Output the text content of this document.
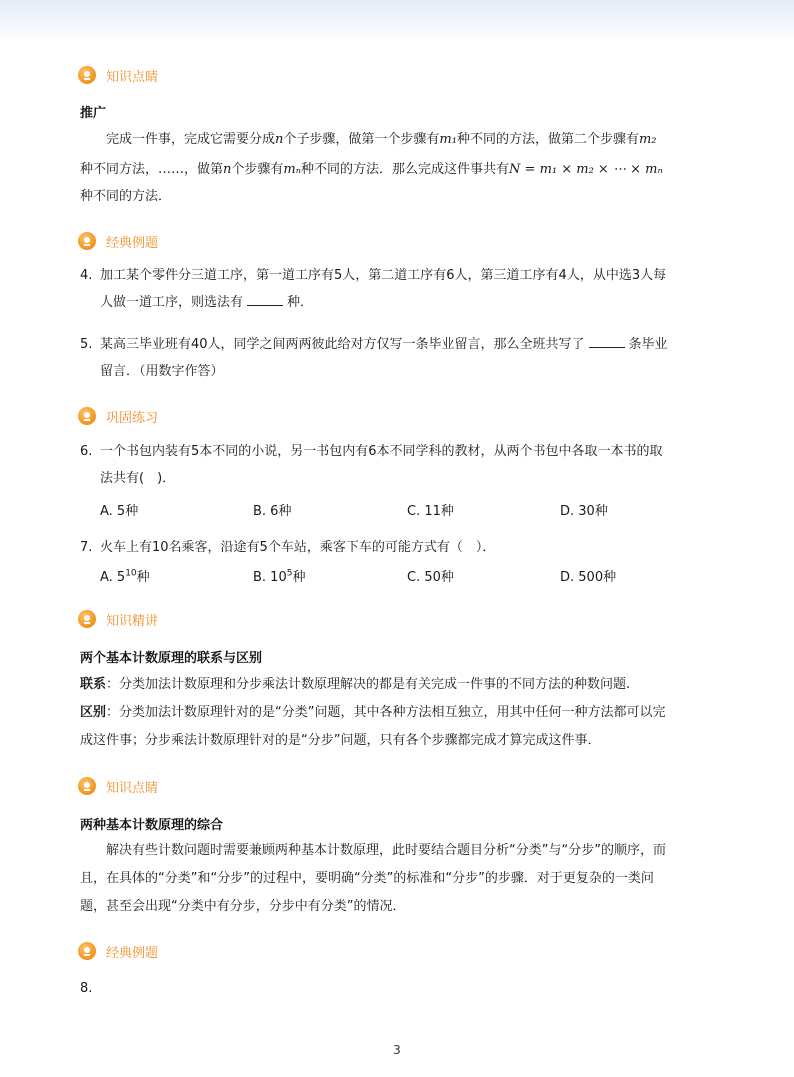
知识点睛
推广
完成一件事，完成它需要分成n个子步骤，做第一个步骤有m₁种不同的方法，做第二个步骤有m₂
种不同方法，……，做第n个步骤有mₙ种不同的方法．那么完成这件事共有N = m₁ × m₂ × ⋯ × mₙ
种不同的方法．
经典例题
4. 加工某个零件分三道工序，第一道工序有5人，第二道工序有6人，第三道工序有4人，从中选3人每
人做一道工序，则选法有	种．
5. 某高三毕业班有40人，同学之间两两彼此给对方仅写一条毕业留言，那么全班共写了	条毕业
留言．（用数字作答）
巩固练习
6. 一个书包内装有5本不同的小说，另一书包内有6本不同学科的教材，从两个书包中各取一本书的取
法共有(　)．
A. 5种	B. 6种	C. 11种	D. 30种
7. 火车上有10名乘客，沿途有5个车站，乘客下车的可能方式有（　）．
A. $5^{10}$种	B. $10^5$种	C. 50种	D. 500种
知识精讲
两个基本计数原理的联系与区别
联系：分类加法计数原理和分步乘法计数原理解决的都是有关完成一件事的不同方法的种数问题.
区别：分类加法计数原理针对的是“分类”问题，其中各种方法相互独立，用其中任何一种方法都可以完
成这件事；分步乘法计数原理针对的是“分步”问题，只有各个步骤都完成才算完成这件事．
知识点睛
两种基本计数原理的综合
解决有些计数问题时需要兼顾两种基本计数原理，此时要结合题目分析“分类”与“分步”的顺序，而
且，在具体的“分类”和“分步”的过程中，要明确“分类”的标准和“分步”的步骤．对于更复杂的一类问
题，甚至会出现“分类中有分步，分步中有分类”的情况．
经典例题
8.
3
